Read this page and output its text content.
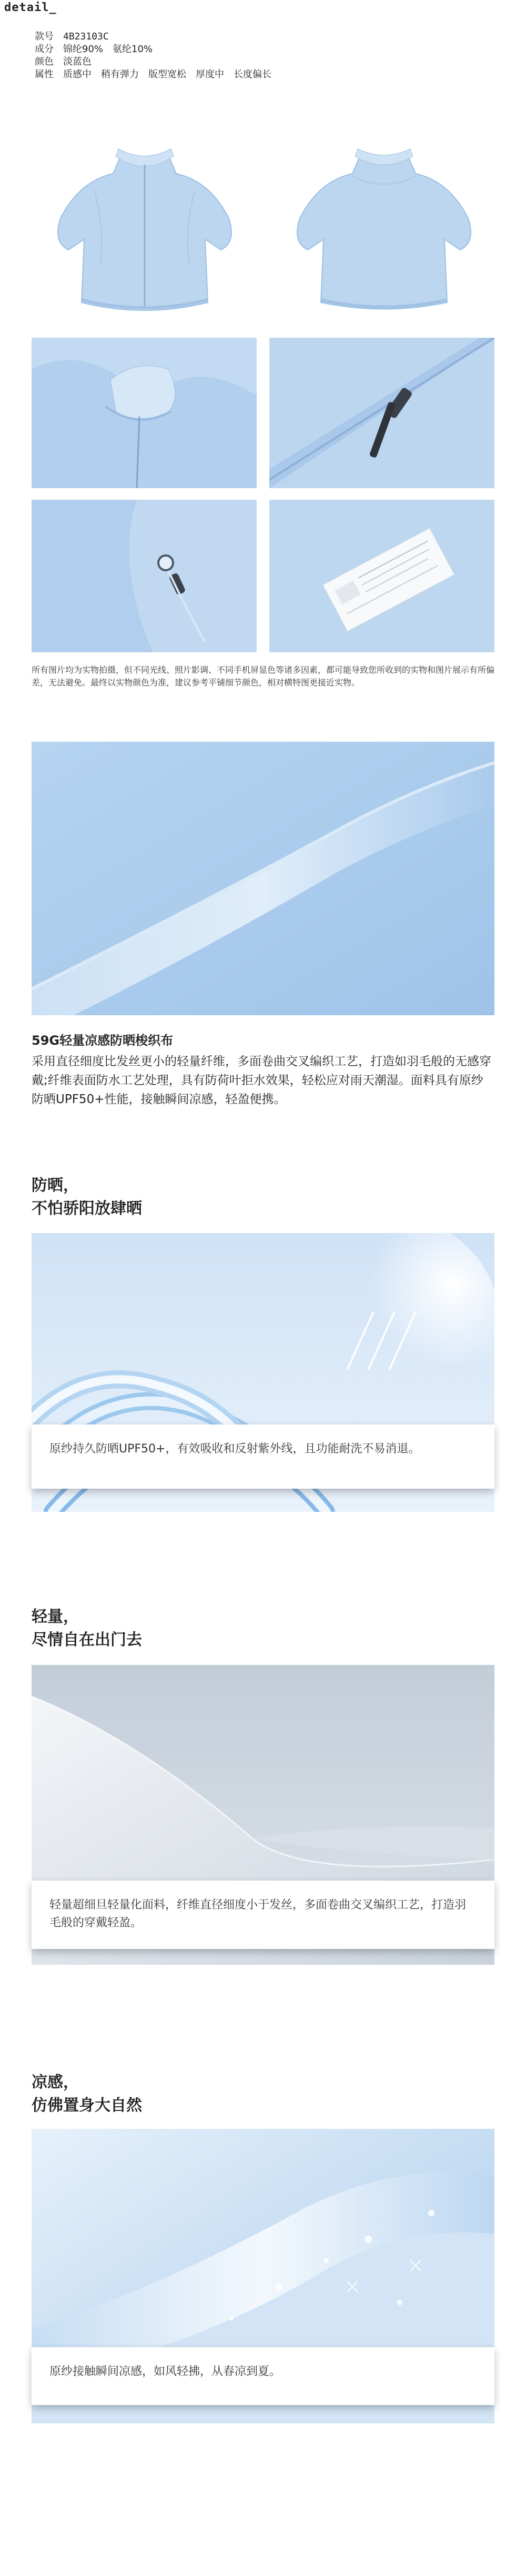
detail_
款号 4B23103C
成分 锦纶90% 氨纶10%
颜色 淡蓝色
属性 质感中 稍有弹力 版型宽松 厚度中 长度偏长
所有图片均为实物拍摄，但不同光线、照片影调、不同手机屏显色等诸多因素，都可能导致您所收到的实物和图片展示有所偏差，无法避免。最终以实物颜色为准，建议参考平铺细节颜色，相对横特图更接近实物。
59G轻量凉感防晒梭织布
采用直径细度比发丝更小的轻量纤维，多面卷曲交叉编织工艺，打造如羽毛般的无感穿戴;纤维表面防水工艺处理，具有防荷叶拒水效果，轻松应对雨天潮湿。面料具有原纱防晒UPF50+性能，接触瞬间凉感，轻盈便携。
防晒，
不怕骄阳放肆晒
原纱持久防晒UPF50+，有效吸收和反射紫外线，且功能耐洗不易消退。
轻量，
尽情自在出门去
轻量超细旦轻量化面料，纤维直径细度小于发丝，多面卷曲交叉编织工艺，打造羽毛般的穿戴轻盈。
凉感，
仿佛置身大自然
原纱接触瞬间凉感，如风轻拂，从春凉到夏。
